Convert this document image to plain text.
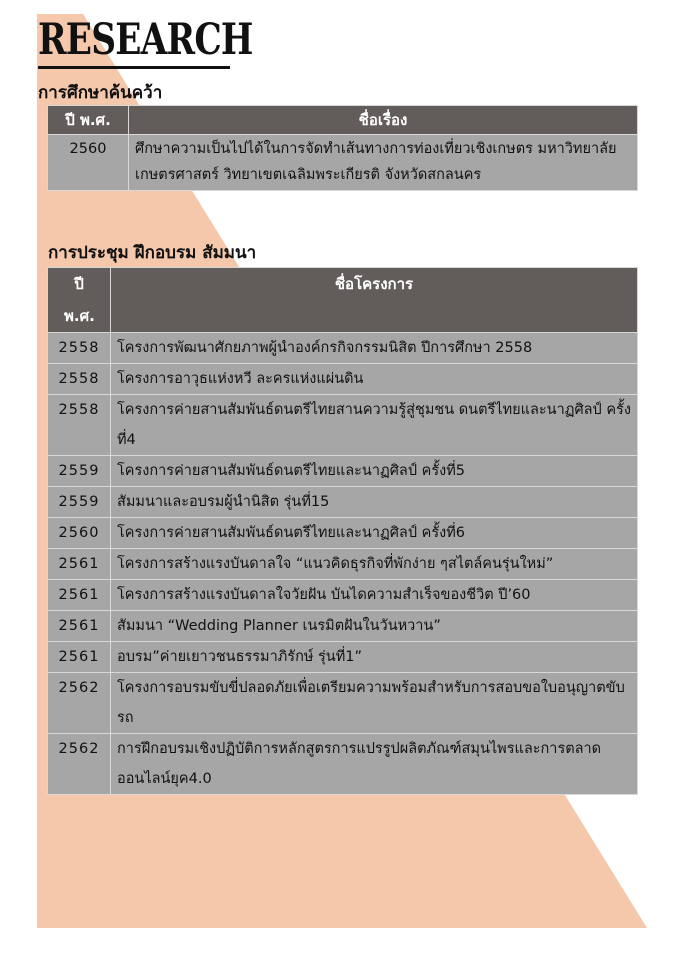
RESEARCH
การศึกษาค้นคว้า
ปี พ.ศ.	ชื่อเรื่อง
2560	ศึกษาความเป็นไปได้ในการจัดทำเส้นทางการท่องเที่ยวเชิงเกษตร มหาวิทยาลัยเกษตรศาสตร์ วิทยาเขตเฉลิมพระเกียรติ จังหวัดสกลนคร
การประชุม ฝึกอบรม สัมมนา
ปี พ.ศ.	ชื่อโครงการ
2558	โครงการพัฒนาศักยภาพผู้นำองค์กรกิจกรรมนิสิต ปีการศึกษา 2558
2558	โครงการอาวุธแห่งหวี ละครแห่งแผ่นดิน
2558	โครงการค่ายสานสัมพันธ์ดนตรีไทยสานความรู้สู่ชุมชน ดนตรีไทยและนาฏศิลป์ ครั้งที่4
2559	โครงการค่ายสานสัมพันธ์ดนตรีไทยและนาฏศิลป์ ครั้งที่5
2559	สัมมนาและอบรมผู้นำนิสิต รุ่นที่15
2560	โครงการค่ายสานสัมพันธ์ดนตรีไทยและนาฏศิลป์ ครั้งที่6
2561	โครงการสร้างแรงบันดาลใจ “แนวคิดธุรกิจที่พักง่าย ๆสไตล์คนรุ่นใหม่”
2561	โครงการสร้างแรงบันดาลใจวัยฝัน บันไดความสำเร็จของชีวิต ปี’60
2561	สัมมนา “Wedding Planner เนรมิตฝันในวันหวาน”
2561	อบรม”ค่ายเยาวชนธรรมาภิรักษ์ รุ่นที่1”
2562	โครงการอบรมขับขี่ปลอดภัยเพื่อเตรียมความพร้อมสำหรับการสอบขอใบอนุญาตขับรถ
2562	การฝึกอบรมเชิงปฏิบัติการหลักสูตรการแปรรูปผลิตภัณฑ์สมุนไพรและการตลาดออนไลน์ยุค4.0
